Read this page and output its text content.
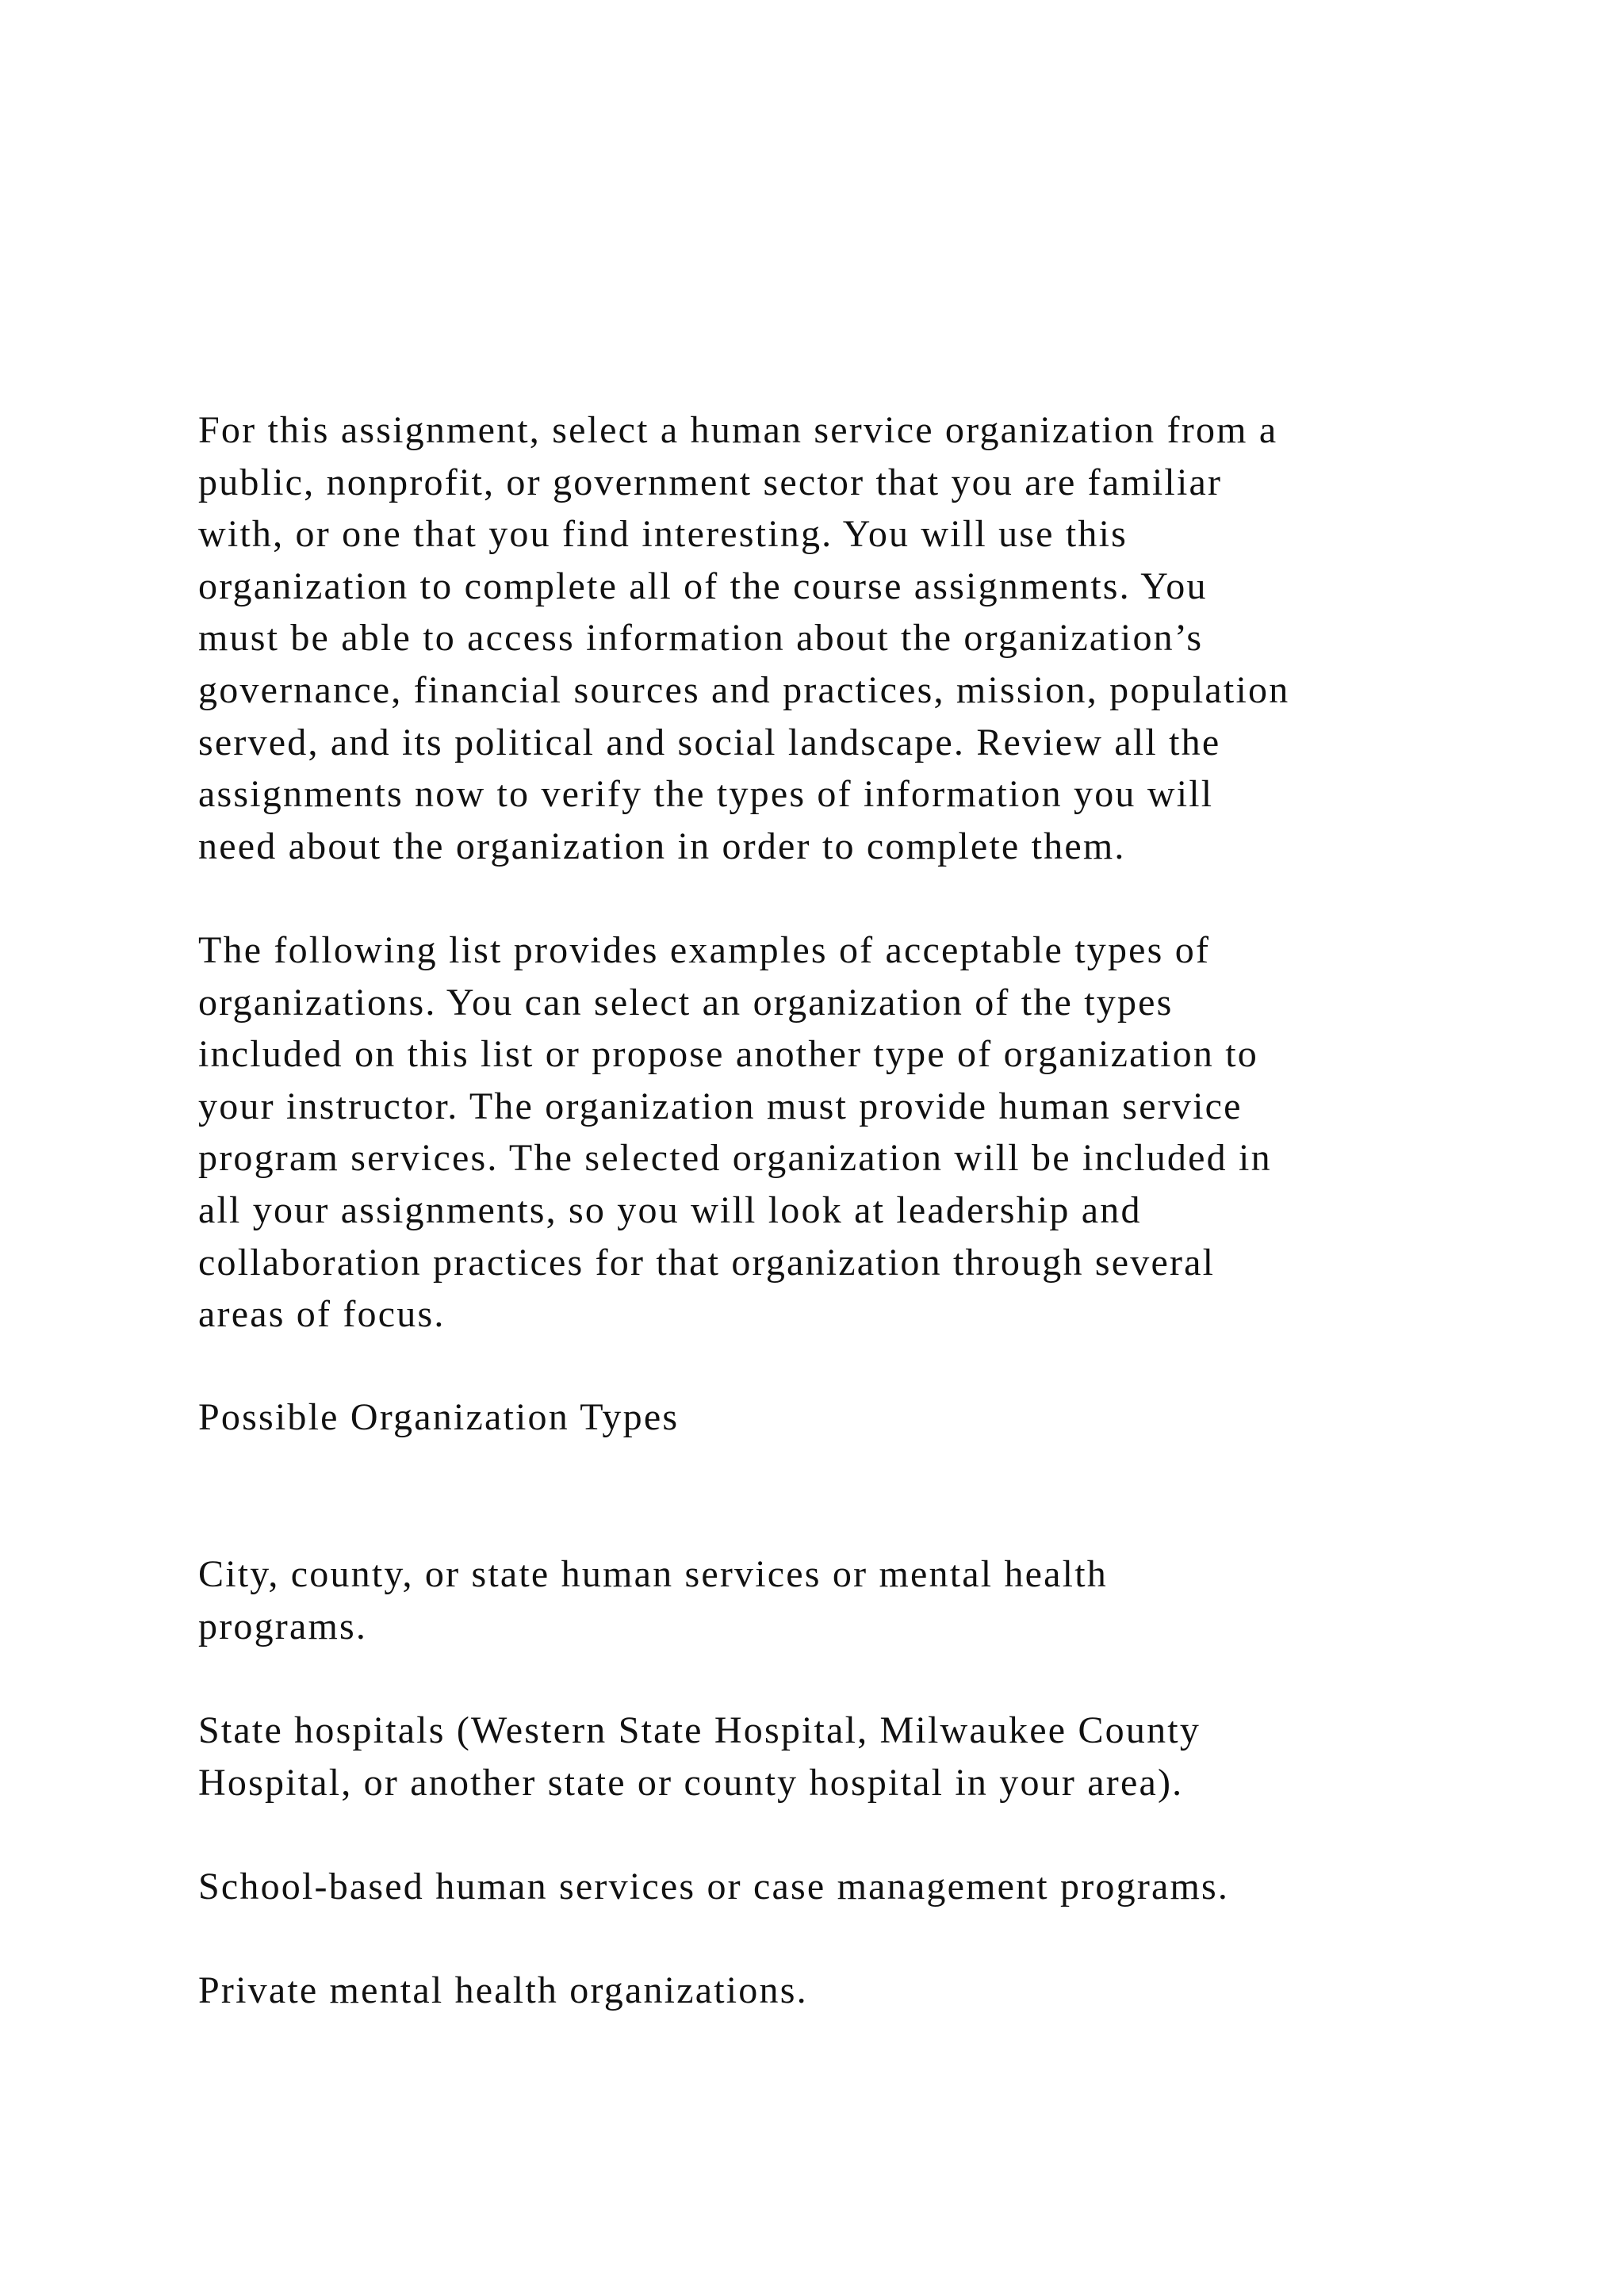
For this assignment, select a human service organization from a
public, nonprofit, or government sector that you are familiar
with, or one that you find interesting. You will use this
organization to complete all of the course assignments. You
must be able to access information about the organization’s
governance, financial sources and practices, mission, population
served, and its political and social landscape. Review all the
assignments now to verify the types of information you will
need about the organization in order to complete them.

The following list provides examples of acceptable types of
organizations. You can select an organization of the types
included on this list or propose another type of organization to
your instructor. The organization must provide human service
program services. The selected organization will be included in
all your assignments, so you will look at leadership and
collaboration practices for that organization through several
areas of focus.

Possible Organization Types

City, county, or state human services or mental health
programs.

State hospitals (Western State Hospital, Milwaukee County
Hospital, or another state or county hospital in your area).

School-based human services or case management programs.

Private mental health organizations.
